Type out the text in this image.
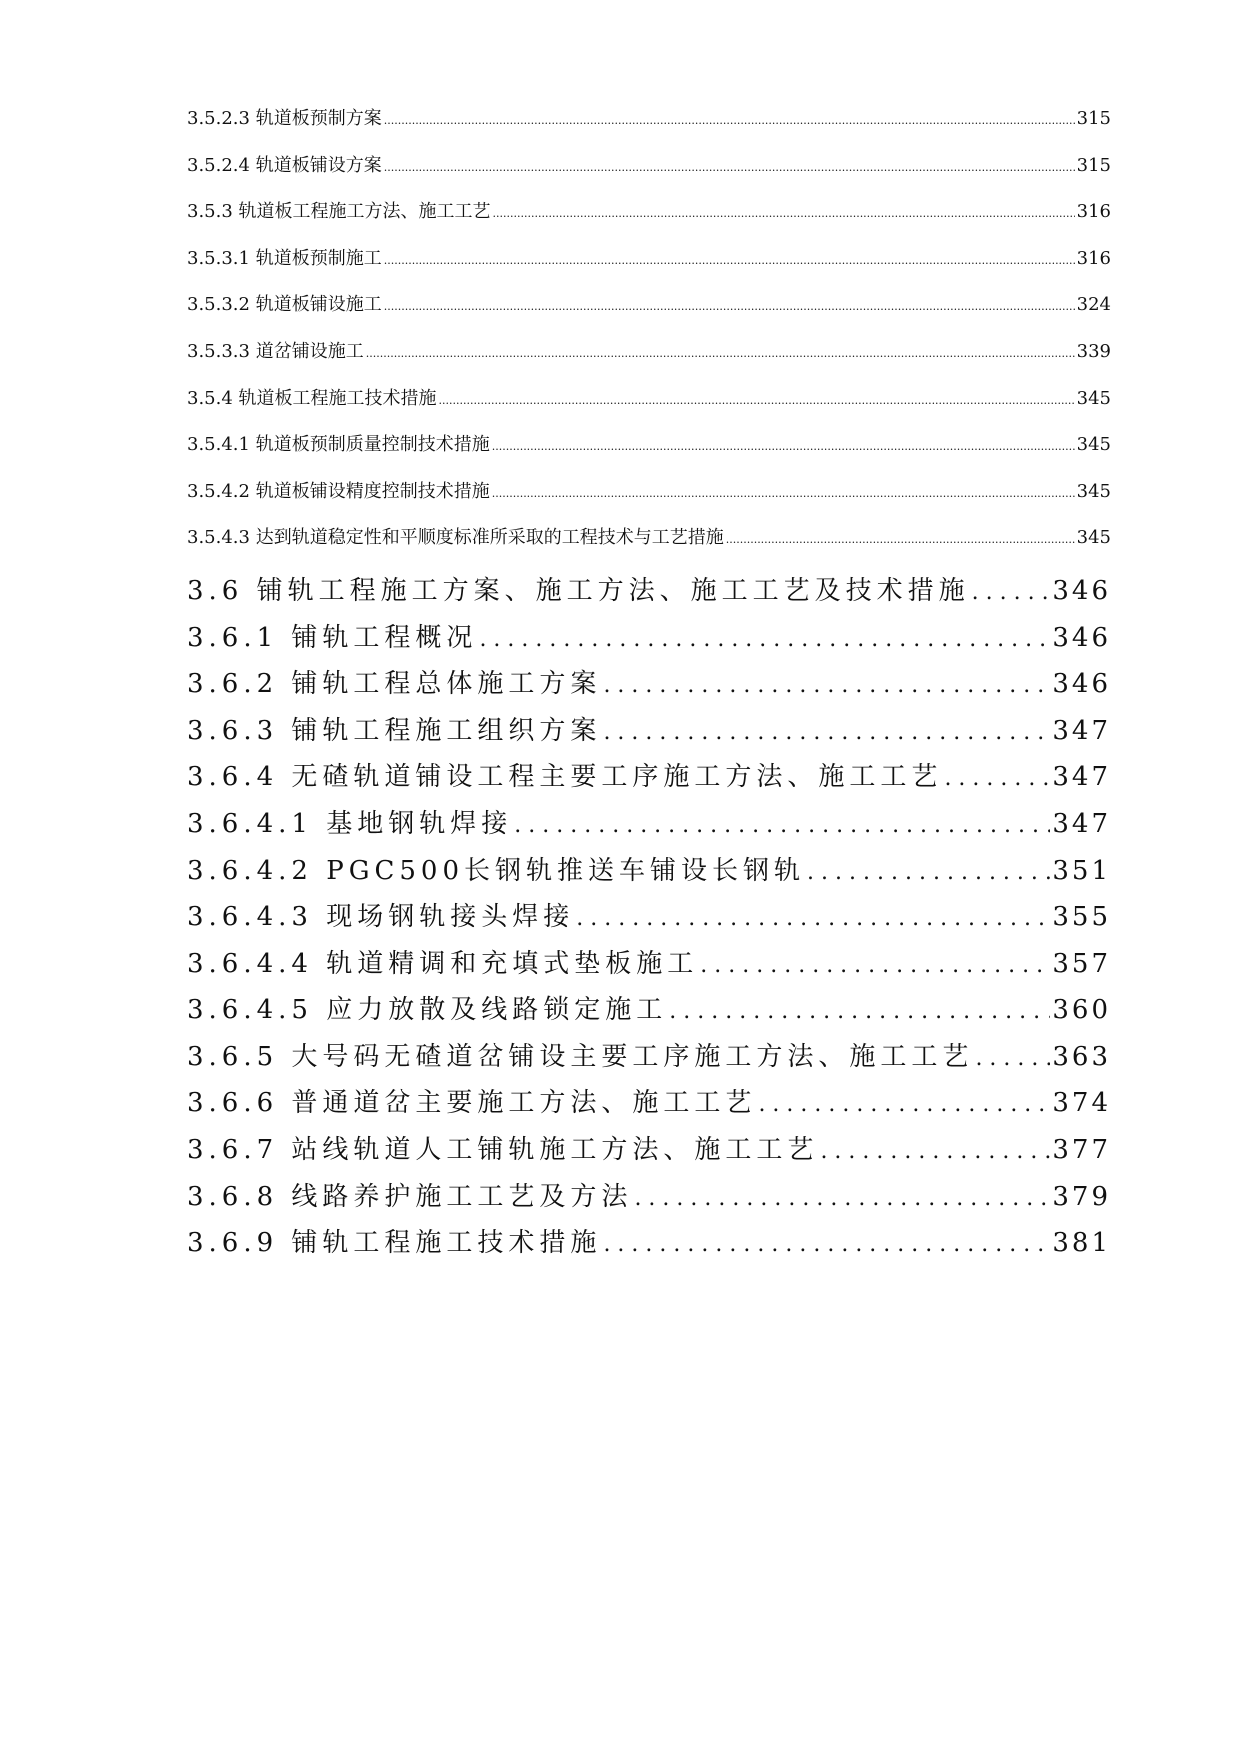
3.5.2.3 轨道板预制方案 .....	315
3.5.2.4 轨道板铺设方案 .....	315
3.5.3 轨道板工程施工方法、施工工艺 .....	316
3.5.3.1 轨道板预制施工 .....	316
3.5.3.2 轨道板铺设施工 .....	324
3.5.3.3 道岔铺设施工 .....	339
3.5.4 轨道板工程施工技术措施 .....	345
3.5.4.1 轨道板预制质量控制技术措施 .....	345
3.5.4.2 轨道板铺设精度控制技术措施 .....	345
3.5.4.3 达到轨道稳定性和平顺度标准所采取的工程技术与工艺措施 .....	345
3.6 铺轨工程施工方案、施工方法、施工工艺及技术措施 .....	346
3.6.1 铺轨工程概况 .....	346
3.6.2 铺轨工程总体施工方案 .....	346
3.6.3 铺轨工程施工组织方案 .....	347
3.6.4 无碴轨道铺设工程主要工序施工方法、施工工艺 .....	347
3.6.4.1 基地钢轨焊接 .....	347
3.6.4.2 PGC500长钢轨推送车铺设长钢轨 .....	351
3.6.4.3 现场钢轨接头焊接 .....	355
3.6.4.4 轨道精调和充填式垫板施工 .....	357
3.6.4.5 应力放散及线路锁定施工 .....	360
3.6.5 大号码无碴道岔铺设主要工序施工方法、施工工艺 .....	363
3.6.6 普通道岔主要施工方法、施工工艺 .....	374
3.6.7 站线轨道人工铺轨施工方法、施工工艺 .....	377
3.6.8 线路养护施工工艺及方法 .....	379
3.6.9 铺轨工程施工技术措施 .....	381
